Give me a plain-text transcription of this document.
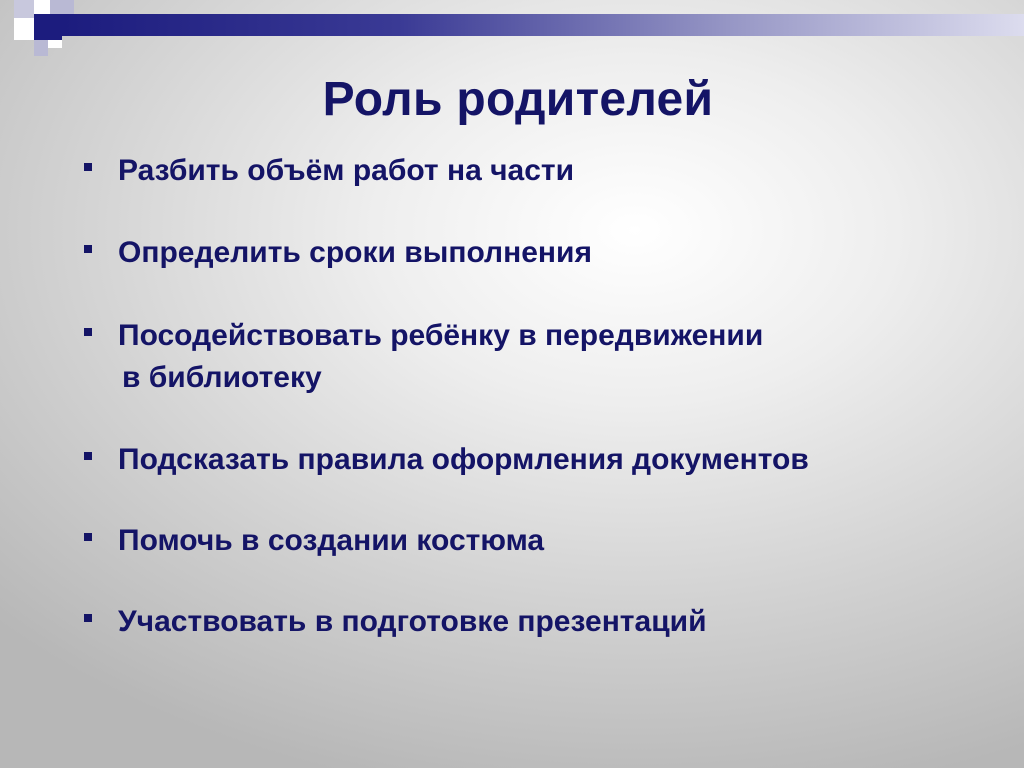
Роль родителей
Разбить объём работ на части
Определить сроки выполнения
Посодействовать ребёнку в передвижении
в библиотеку
Подсказать правила оформления документов
Помочь в создании костюма
Участвовать в подготовке презентаций
